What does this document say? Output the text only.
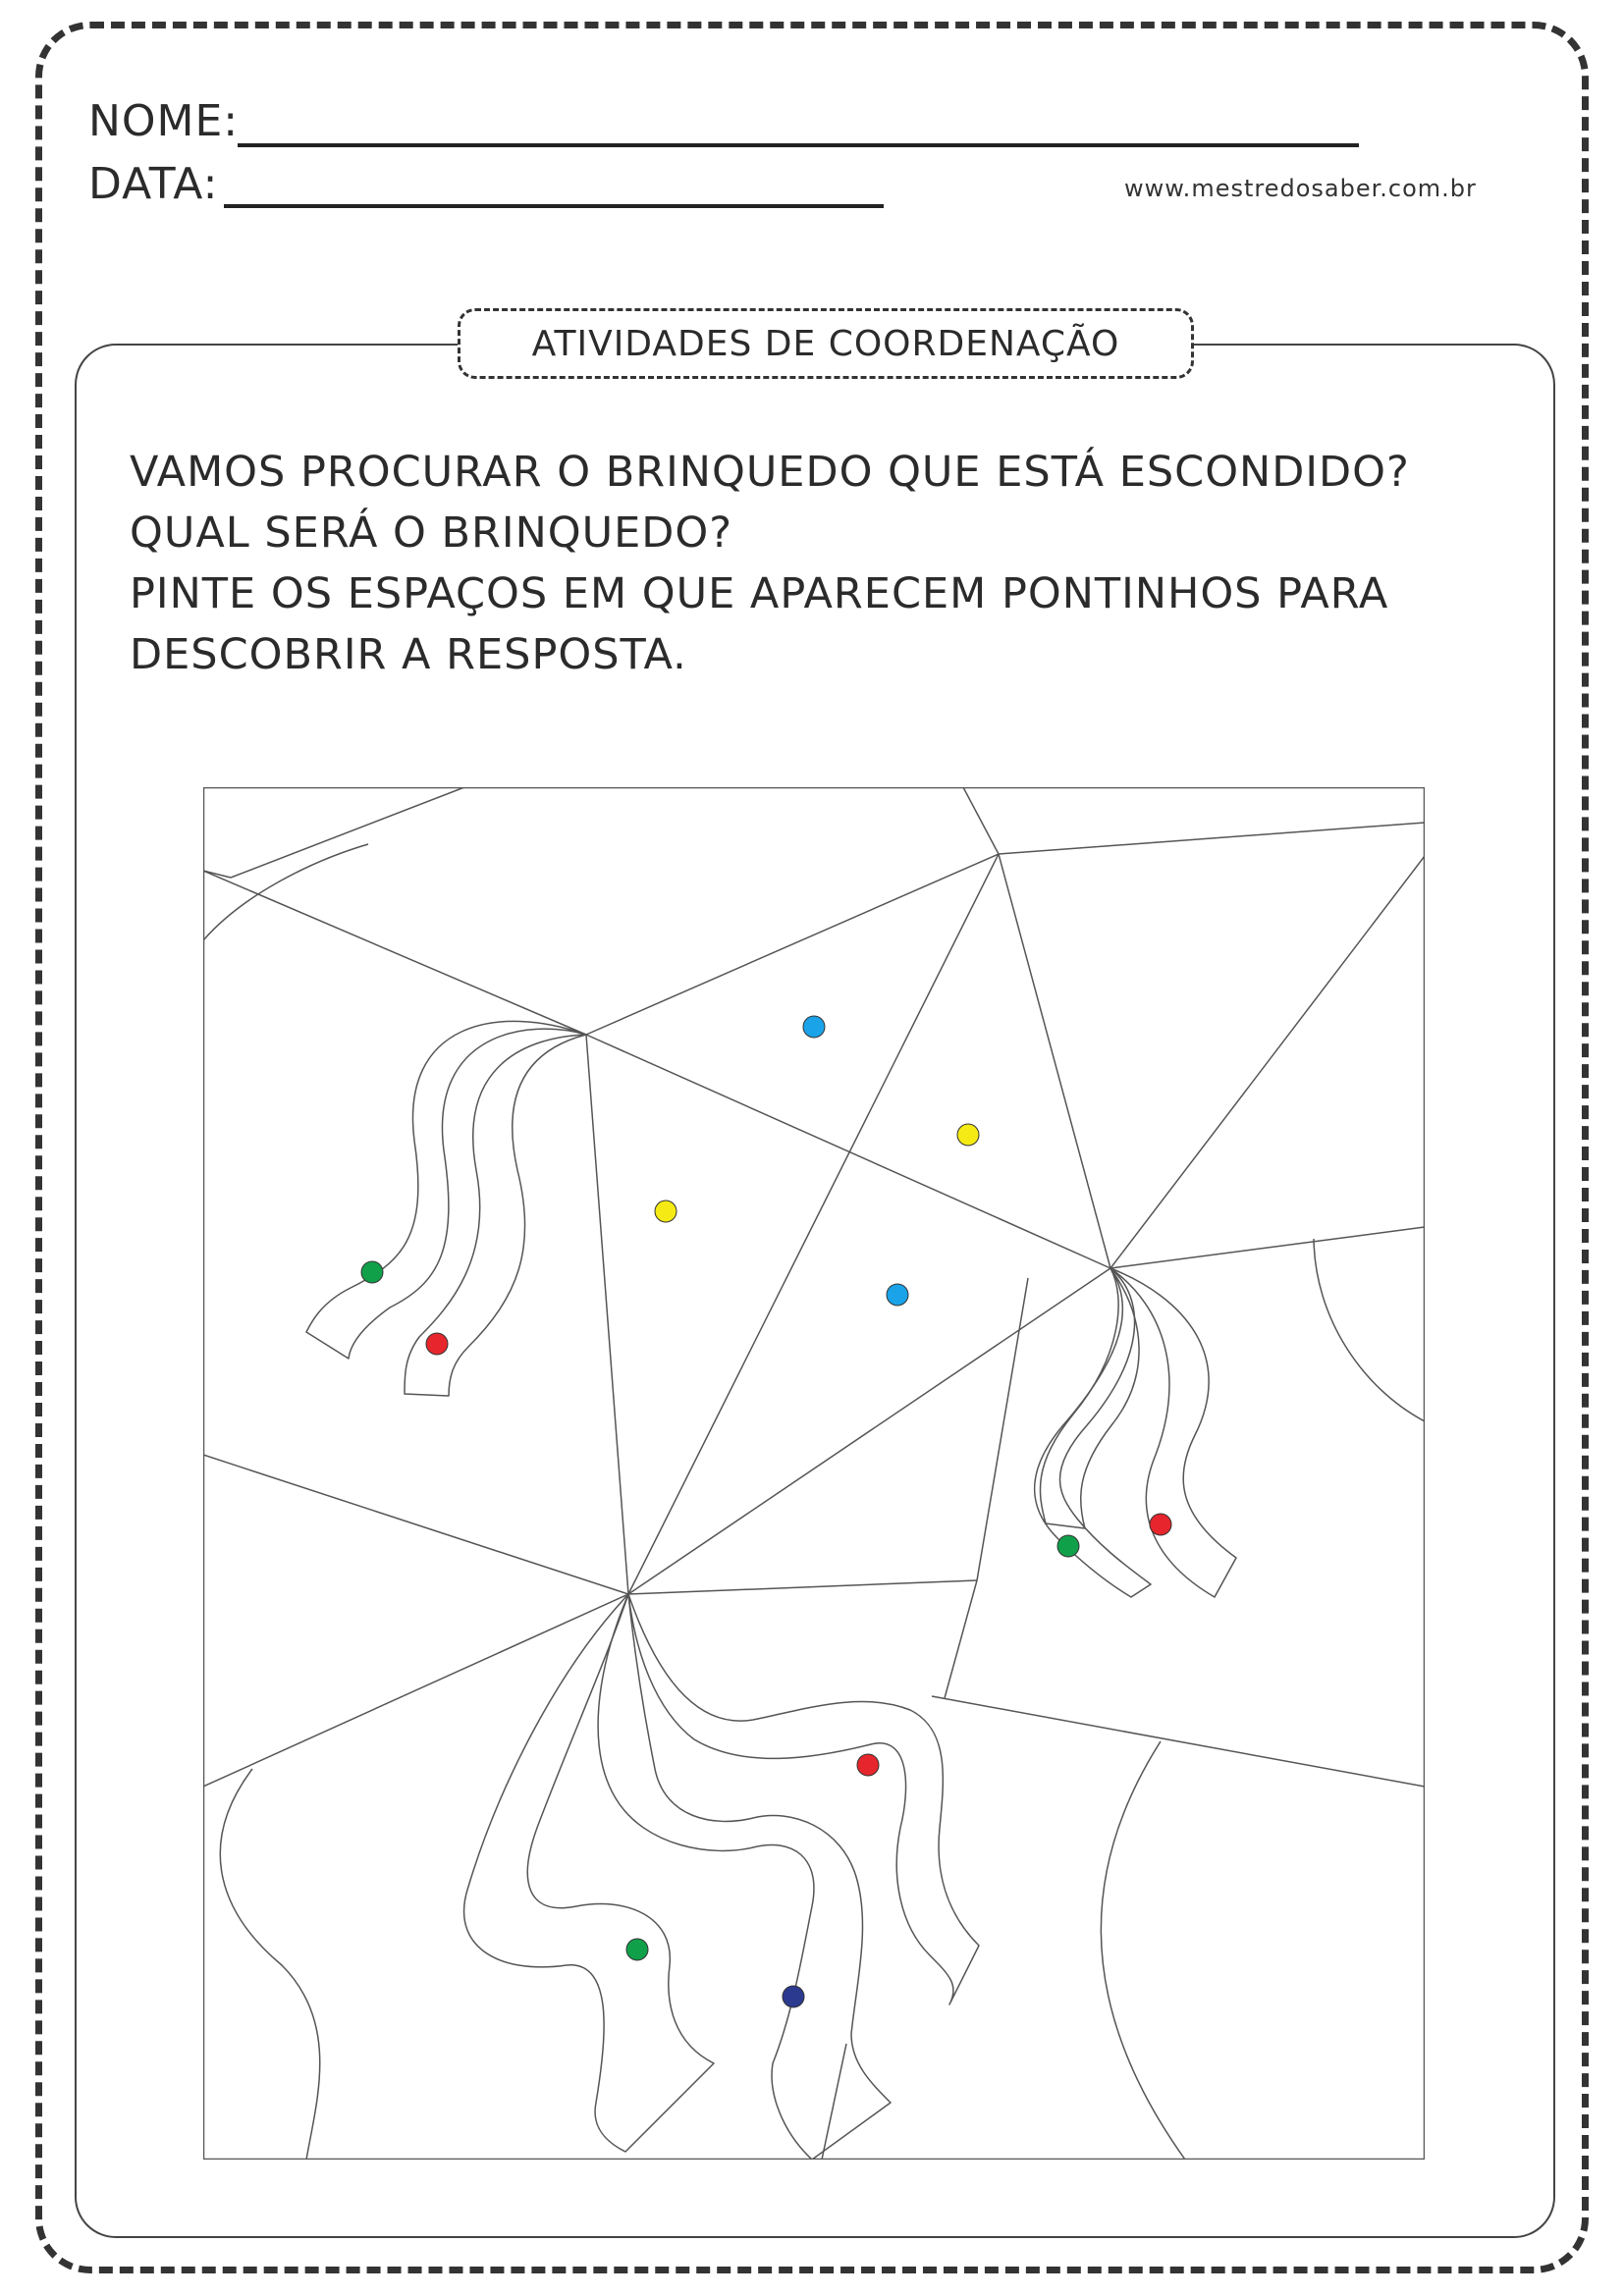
NOME:
DATA:	www.mestredosaber.com.br
ATIVIDADES DE COORDENAÇÃO
VAMOS PROCURAR O BRINQUEDO QUE ESTÁ ESCONDIDO?
QUAL SERÁ O BRINQUEDO?
PINTE OS ESPAÇOS EM QUE APARECEM PONTINHOS PARA
DESCOBRIR A RESPOSTA.
